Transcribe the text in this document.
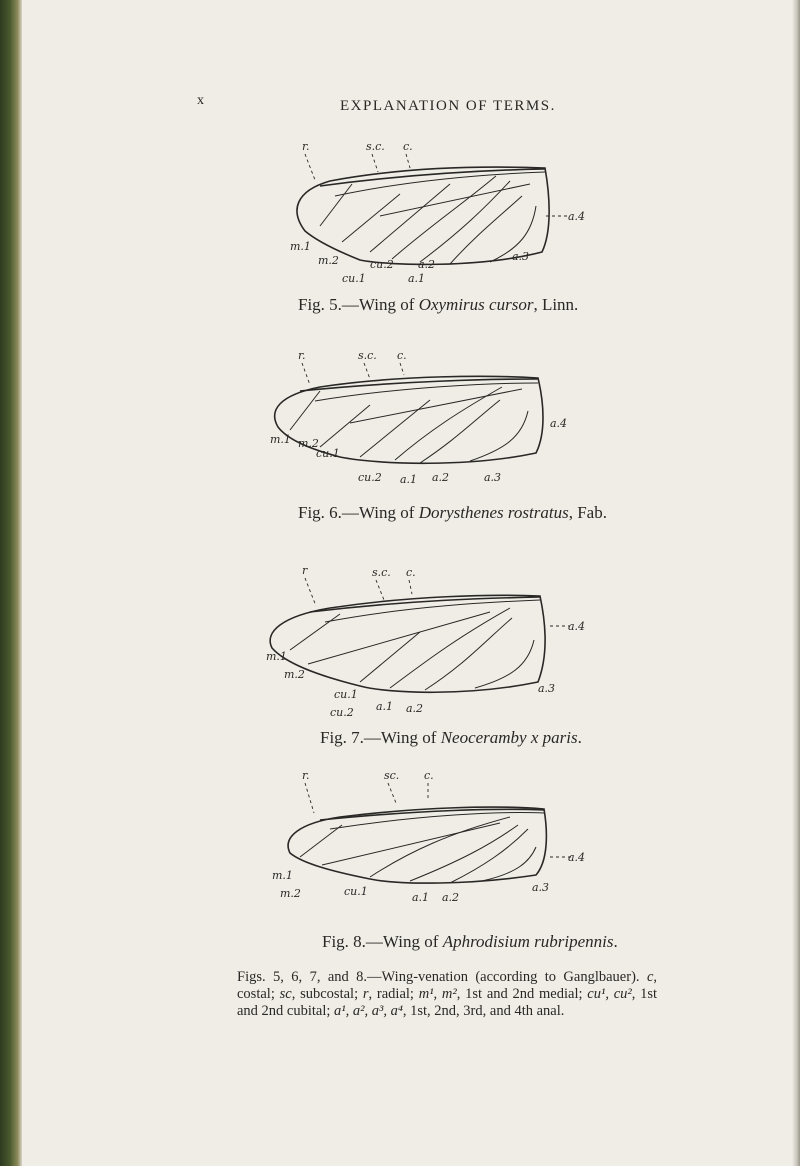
x	EXPLANATION OF TERMS.
r.	s.c. c.
a.4
m.1
m.2	cu.2 a.2
a.3
cu.1	a.1
Fig. 5.—Wing of Oxymirus cursor, Linn.
r.	s.c. c.
a.4
m.1 m.2
cu.1
cu.2 a.1 a.2	a.3
Fig. 6.—Wing of Dorysthenes rostratus, Fab.
r	s.c. c.
a.4
m.1
m.2
cu.1
cu.2 a.1 a.2
a.3
Fig. 7.—Wing of Neoceramby x paris.
r.	sc. c.
a.4
m.1
m.2	cu.1	a.1 a.2
a.3
Fig. 8.—Wing of Aphrodisium rubripennis.
Figs. 5, 6, 7, and 8.—Wing-venation (according to Ganglbauer). c, costal; sc, subcostal; r, radial; m¹, m², 1st and 2nd medial; cu¹, cu², 1st and 2nd cubital; a¹, a², a³, a⁴, 1st, 2nd, 3rd, and 4th anal.
